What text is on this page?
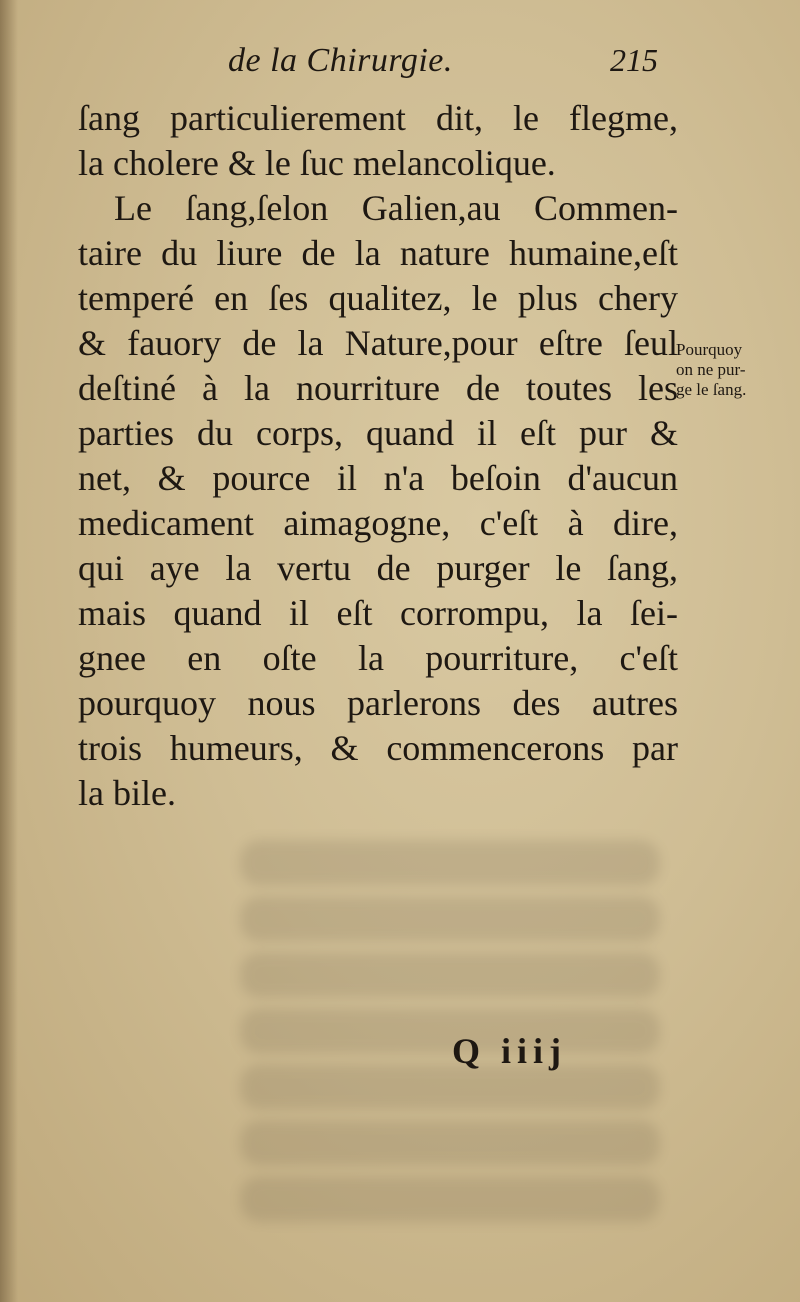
de la Chirurgie.	215
ſang particulierement dit, le flegme,
la cholere & le ſuc melancolique.
Le ſang,ſelon Galien,au Commen-
taire du liure de la nature humaine,eſt
temperé en ſes qualitez, le plus chery
& fauory de la Nature,pour eſtre ſeul
deſtiné à la nourriture de toutes les
parties du corps, quand il eſt pur &
net, & pource il n'a beſoin d'aucun
medicament aimagogne, c'eſt à dire,
qui aye la vertu de purger le ſang,
mais quand il eſt corrompu, la ſei-
gnee en oſte la pourriture, c'eſt
pourquoy nous parlerons des autres
trois humeurs, & commencerons par
la bile.
Pourquoy
on ne pur-
ge le ſang.
Q iiij
